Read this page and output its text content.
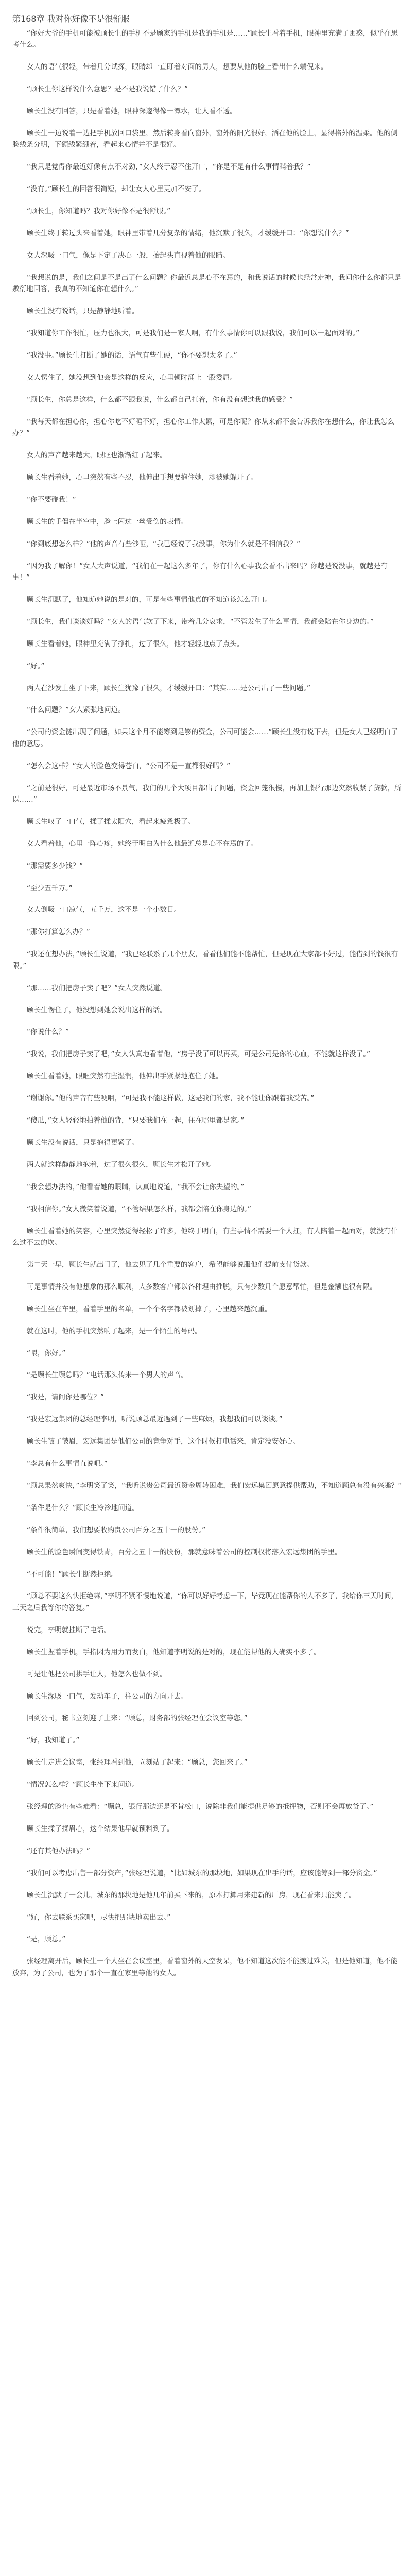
第168章 我对你好像不是很舒服

“你好大爷的手机可能被顾长生的手机不是顾家的手机是我的手机是……”顾长生看着手机，眼神里充满了困惑，似乎在思考什么。

女人的语气很轻，带着几分试探，眼睛却一直盯着对面的男人，想要从他的脸上看出什么端倪来。

“顾长生你这样说什么意思？是不是我说错了什么？”

顾长生没有回答，只是看着她，眼神深邃得像一潭水，让人看不透。

顾长生一边说着一边把手机放回口袋里，然后转身看向窗外，窗外的阳光很好，洒在他的脸上，显得格外的温柔。他的侧脸线条分明，下颌线紧绷着，看起来心情并不是很好。

“我只是觉得你最近好像有点不对劲，”女人终于忍不住开口，“你是不是有什么事情瞒着我？”

“没有。”顾长生的回答很简短，却让女人心里更加不安了。

“顾长生，你知道吗？我对你好像不是很舒服。”

顾长生终于转过头来看着她，眼神里带着几分复杂的情绪，他沉默了很久，才缓缓开口：“你想说什么？”

女人深吸一口气，像是下定了决心一般，抬起头直视着他的眼睛。

“我想说的是，我们之间是不是出了什么问题？你最近总是心不在焉的，和我说话的时候也经常走神，我问你什么你都只是敷衍地回答，我真的不知道你在想什么。”

顾长生没有说话，只是静静地听着。

“我知道你工作很忙，压力也很大，可是我们是一家人啊，有什么事情你可以跟我说，我们可以一起面对的。”

“我没事。”顾长生打断了她的话，语气有些生硬，“你不要想太多了。”

女人愣住了，她没想到他会是这样的反应，心里顿时涌上一股委屈。

“顾长生，你总是这样，什么都不跟我说，什么都自己扛着，你有没有想过我的感受？”

“我每天都在担心你，担心你吃不好睡不好，担心你工作太累，可是你呢？你从来都不会告诉我你在想什么，你让我怎么办？”

女人的声音越来越大，眼眶也渐渐红了起来。

顾长生看着她，心里突然有些不忍，他伸出手想要抱住她，却被她躲开了。

“你不要碰我！”

顾长生的手僵在半空中，脸上闪过一丝受伤的表情。

“你到底想怎么样？”他的声音有些沙哑，“我已经说了我没事，你为什么就是不相信我？”

“因为我了解你！”女人大声说道，“我们在一起这么多年了，你有什么心事我会看不出来吗？你越是说没事，就越是有事！”

顾长生沉默了，他知道她说的是对的，可是有些事情他真的不知道该怎么开口。

“顾长生，我们谈谈好吗？”女人的语气软了下来，带着几分哀求，“不管发生了什么事情，我都会陪在你身边的。”

顾长生看着她，眼神里充满了挣扎，过了很久，他才轻轻地点了点头。

“好。”

两人在沙发上坐了下来，顾长生犹豫了很久，才缓缓开口：“其实……是公司出了一些问题。”

“什么问题？”女人紧张地问道。

“公司的资金链出现了问题，如果这个月不能筹到足够的资金，公司可能会……”顾长生没有说下去，但是女人已经明白了他的意思。

“怎么会这样？”女人的脸色变得苍白，“公司不是一直都很好吗？”

“之前是很好，可是最近市场不景气，我们的几个大项目都出了问题，资金回笼很慢，再加上银行那边突然收紧了贷款，所以……”

顾长生叹了一口气，揉了揉太阳穴，看起来疲惫极了。

女人看着他，心里一阵心疼，她终于明白为什么他最近总是心不在焉的了。

“那需要多少钱？”

“至少五千万。”

女人倒吸一口凉气，五千万，这不是一个小数目。

“那你打算怎么办？”

“我还在想办法，”顾长生说道，“我已经联系了几个朋友，看看他们能不能帮忙，但是现在大家都不好过，能借到的钱很有限。”

“那……我们把房子卖了吧？”女人突然说道。

顾长生愣住了，他没想到她会说出这样的话。

“你说什么？”

“我说，我们把房子卖了吧，”女人认真地看着他，“房子没了可以再买，可是公司是你的心血，不能就这样没了。”

顾长生看着她，眼眶突然有些湿润，他伸出手紧紧地抱住了她。

“谢谢你。”他的声音有些哽咽，“可是我不能这样做，这是我们的家，我不能让你跟着我受苦。”

“傻瓜，”女人轻轻地拍着他的背，“只要我们在一起，住在哪里都是家。”

顾长生没有说话，只是抱得更紧了。

两人就这样静静地抱着，过了很久很久，顾长生才松开了她。

“我会想办法的，”他看着她的眼睛，认真地说道，“我不会让你失望的。”

“我相信你。”女人微笑着说道，“不管结果怎么样，我都会陪在你身边的。”

顾长生看着她的笑容，心里突然觉得轻松了许多，他终于明白，有些事情不需要一个人扛，有人陪着一起面对，就没有什么过不去的坎。

第二天一早，顾长生就出门了，他去见了几个重要的客户，希望能够说服他们提前支付货款。

可是事情并没有他想象的那么顺利，大多数客户都以各种理由推脱，只有少数几个愿意帮忙，但是金额也很有限。

顾长生坐在车里，看着手里的名单，一个个名字都被划掉了，心里越来越沉重。

就在这时，他的手机突然响了起来，是一个陌生的号码。

“喂，你好。”

“是顾长生顾总吗？”电话那头传来一个男人的声音。

“我是，请问你是哪位？”

“我是宏远集团的总经理李明，听说顾总最近遇到了一些麻烦，我想我们可以谈谈。”

顾长生皱了皱眉，宏远集团是他们公司的竞争对手，这个时候打电话来，肯定没安好心。

“李总有什么事情直说吧。”

“顾总果然爽快，”李明笑了笑，“我听说贵公司最近资金周转困难，我们宏远集团愿意提供帮助，不知道顾总有没有兴趣？”

“条件是什么？”顾长生冷冷地问道。

“条件很简单，我们想要收购贵公司百分之五十一的股份。”

顾长生的脸色瞬间变得铁青，百分之五十一的股份，那就意味着公司的控制权将落入宏远集团的手里。

“不可能！”顾长生断然拒绝。

“顾总不要这么快拒绝嘛，”李明不紧不慢地说道，“你可以好好考虑一下，毕竟现在能帮你的人不多了，我给你三天时间，三天之后我等你的答复。”

说完，李明就挂断了电话。

顾长生握着手机，手指因为用力而发白，他知道李明说的是对的，现在能帮他的人确实不多了。

可是让他把公司拱手让人，他怎么也做不到。

顾长生深吸一口气，发动车子，往公司的方向开去。

回到公司，秘书立刻迎了上来：“顾总，财务部的张经理在会议室等您。”

“好，我知道了。”

顾长生走进会议室，张经理看到他，立刻站了起来：“顾总，您回来了。”

“情况怎么样？”顾长生坐下来问道。

张经理的脸色有些难看：“顾总，银行那边还是不肯松口，说除非我们能提供足够的抵押物，否则不会再放贷了。”

顾长生揉了揉眉心，这个结果他早就预料到了。

“还有其他办法吗？”

“我们可以考虑出售一部分资产，”张经理说道，“比如城东的那块地，如果现在出手的话，应该能筹到一部分资金。”

顾长生沉默了一会儿，城东的那块地是他几年前买下来的，原本打算用来建新的厂房，现在看来只能卖了。

“好，你去联系买家吧，尽快把那块地卖出去。”

“是，顾总。”

张经理离开后，顾长生一个人坐在会议室里，看着窗外的天空发呆，他不知道这次能不能渡过难关，但是他知道，他不能放弃，为了公司，也为了那个一直在家里等他的女人。
